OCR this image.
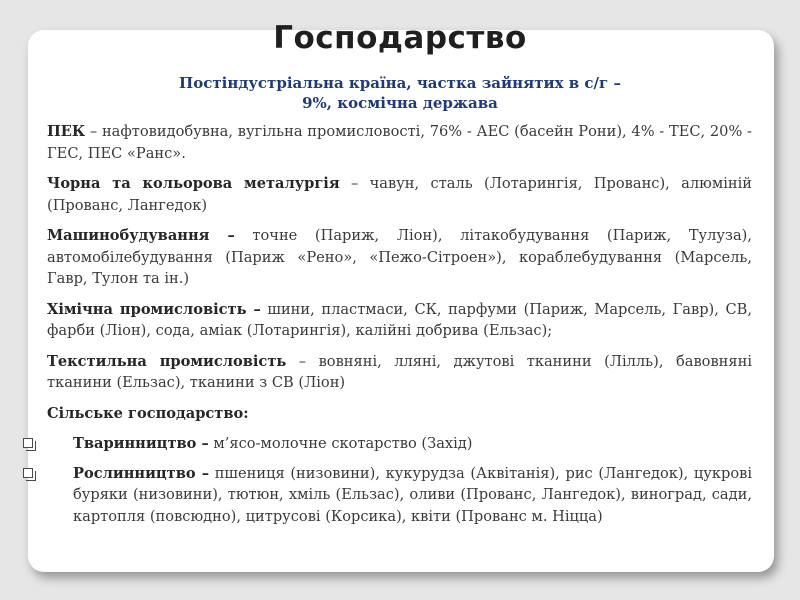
Господарство
Постіндустріальна країна, частка зайнятих в с/г –
9%, космічна держава

ПЕК – нафтовидобувна, вугільна промисловості, 76% - АЕС (басейн Рони), 4% - ТЕС, 20% - ГЕС, ПЕС «Ранс».

Чорна та кольорова металургія – чавун, сталь (Лотарингія, Прованс), алюміній (Прованс, Лангедок)

Машинобудування – точне (Париж, Ліон), літакобудування (Париж, Тулуза), автомобілебудування (Париж «Рено», «Пежо-Сітроен»), кораблебудування (Марсель, Гавр, Тулон та ін.)

Хімічна промисловість – шини, пластмаси, СК, парфуми (Париж, Марсель, Гавр), СВ, фарби (Ліон), сода, аміак (Лотарингія), калійні добрива (Ельзас);

Текстильна промисловість – вовняні, лляні, джутові тканини (Лілль), бавовняні тканини (Ельзас), тканини з СВ (Ліон)

Сільське господарство:
Тваринництво – м’ясо-молочне скотарство (Захід)
Рослинництво – пшениця (низовини), кукурудза (Аквітанія), рис (Лангедок), цукрові буряки (низовини), тютюн, хміль (Ельзас), оливи (Прованс, Лангедок), виноград, сади, картопля (повсюдно), цитрусові (Корсика), квіти (Прованс м. Ніцца)
